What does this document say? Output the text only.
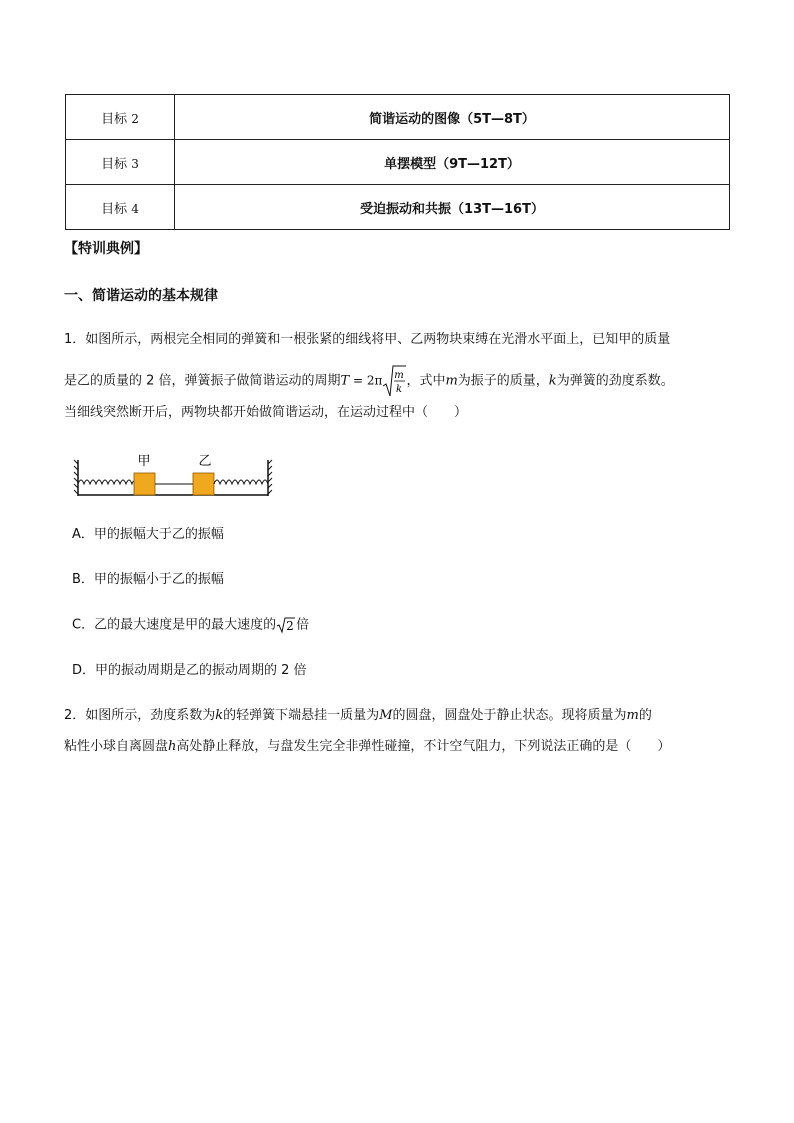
目标 2	简谐运动的图像（5T—8T）
目标 3	单摆模型（9T—12T）
目标 4	受迫振动和共振（13T—16T）
【特训典例】
一、简谐运动的基本规律
1．如图所示，两根完全相同的弹簧和一根张紧的细线将甲、乙两物块束缚在光滑水平面上，已知甲的质量
是乙的质量的 2 倍，弹簧振子做简谐运动的周期T = 2π m
k
，式中m为振子的质量，k为弹簧的劲度系数。
当细线突然断开后，两物块都开始做简谐运动，在运动过程中（　　）
甲	乙
A．甲的振幅大于乙的振幅
B．甲的振幅小于乙的振幅
C．乙的最大速度是甲的最大速度的 2 倍
D．甲的振动周期是乙的振动周期的 2 倍
2．如图所示，劲度系数为k的轻弹簧下端悬挂一质量为M的圆盘，圆盘处于静止状态。现将质量为m的
粘性小球自离圆盘h高处静止释放，与盘发生完全非弹性碰撞，不计空气阻力，下列说法正确的是（　　）
